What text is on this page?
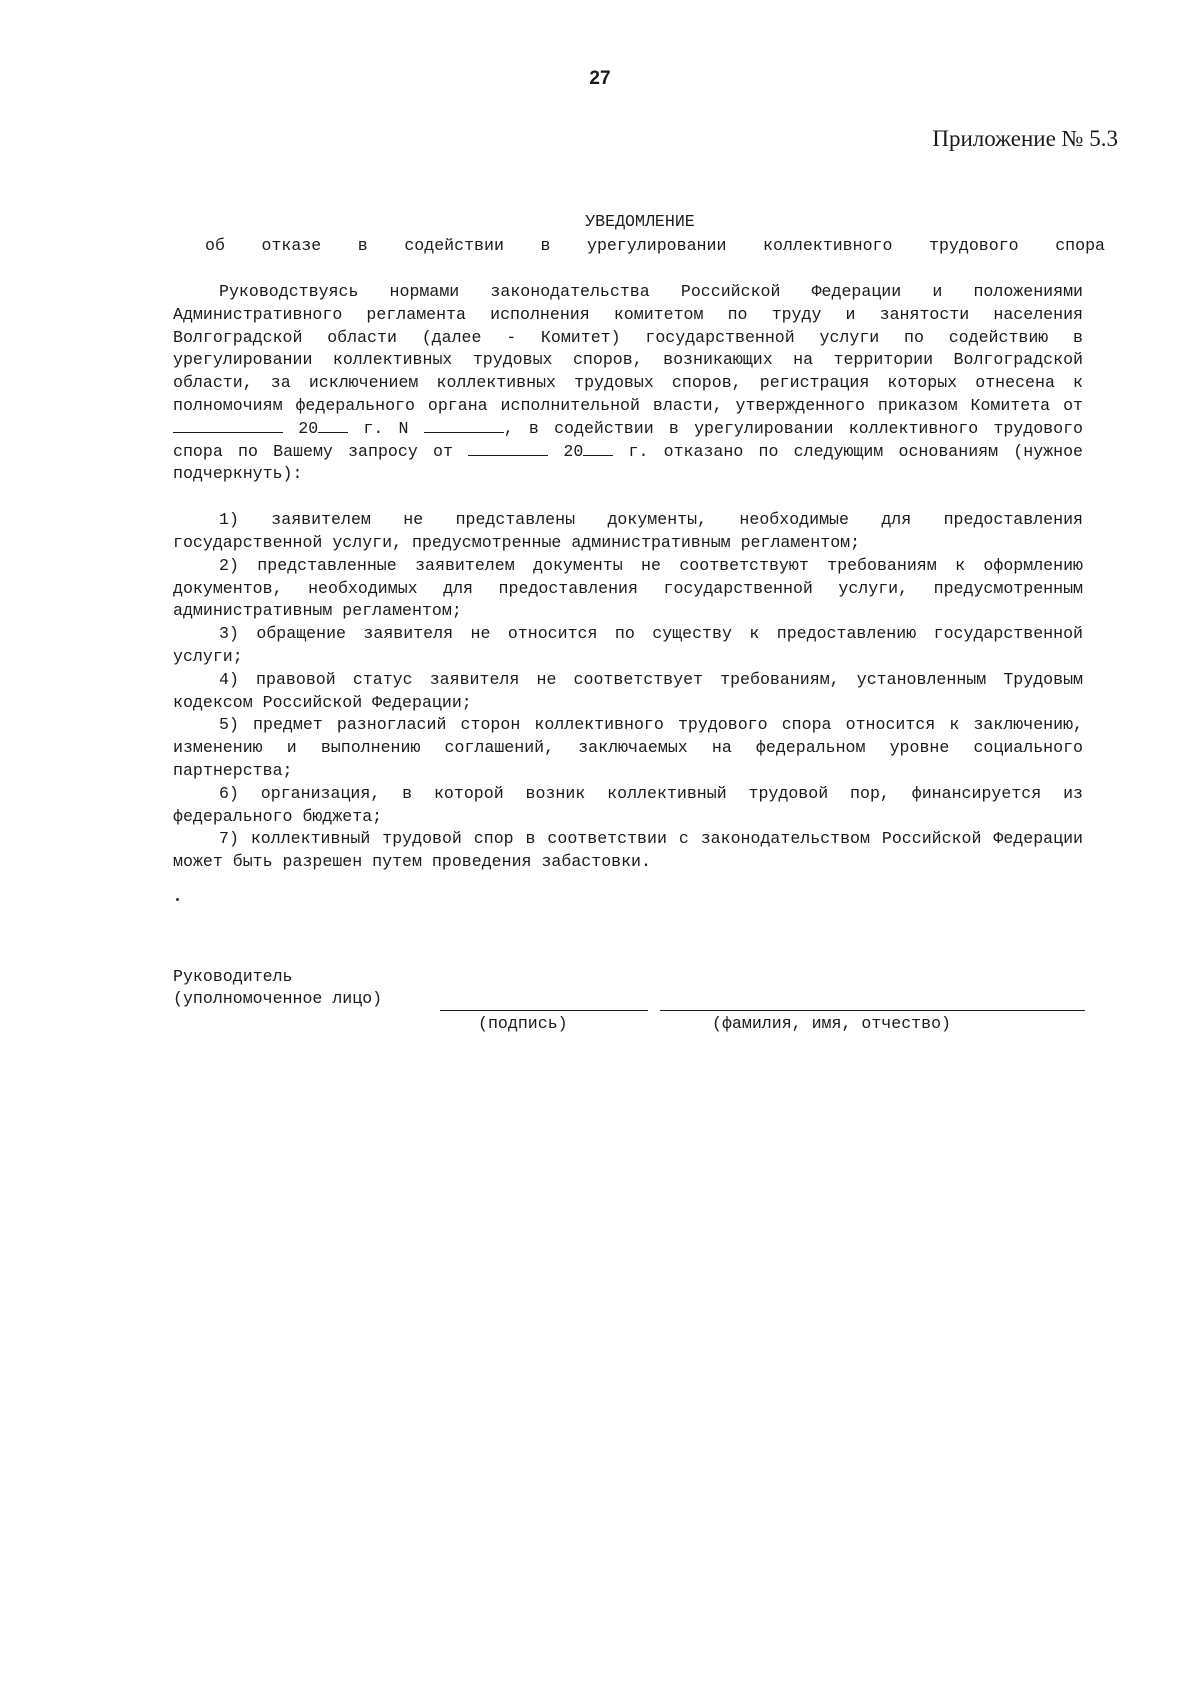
27
Приложение № 5.3
УВЕДОМЛЕНИЕ
об отказе в содействии в урегулировании коллективного трудового спора

Руководствуясь нормами законодательства Российской Федерации и положениями Административного регламента исполнения комитетом по труду и занятости населения Волгоградской области (далее - Комитет) государственной услуги по содействию в урегулировании коллективных трудовых споров, возникающих на территории Волгоградской области, за исключением коллективных трудовых споров, регистрация которых отнесена к полномочиям федерального органа исполнительной власти, утвержденного приказом Комитета от  20	г. N	, в содействии в урегулировании коллективного трудового спора по Вашему запросу от	20	г. отказано по следующим основаниям (нужное подчеркнуть):

1) заявителем не представлены документы, необходимые для предоставления государственной услуги, предусмотренные административным регламентом;

2) представленные заявителем документы не соответствуют требованиям к оформлению документов, необходимых для предоставления государственной услуги, предусмотренным административным регламентом;

3) обращение заявителя не относится по существу к предоставлению государственной услуги;

4) правовой статус заявителя не соответствует требованиям, установленным Трудовым кодексом Российской Федерации;

5) предмет разногласий сторон коллективного трудового спора относится к заключению, изменению и выполнению соглашений, заключаемых на федеральном уровне социального партнерства;

6) организация, в которой возник коллективный трудовой пор, финансируется из федерального бюджета;

7) коллективный трудовой спор в соответствии с законодательством Российской Федерации может быть разрешен путем проведения забастовки.

Руководитель
(уполномоченное лицо)
(подпись)	(фамилия, имя, отчество)
